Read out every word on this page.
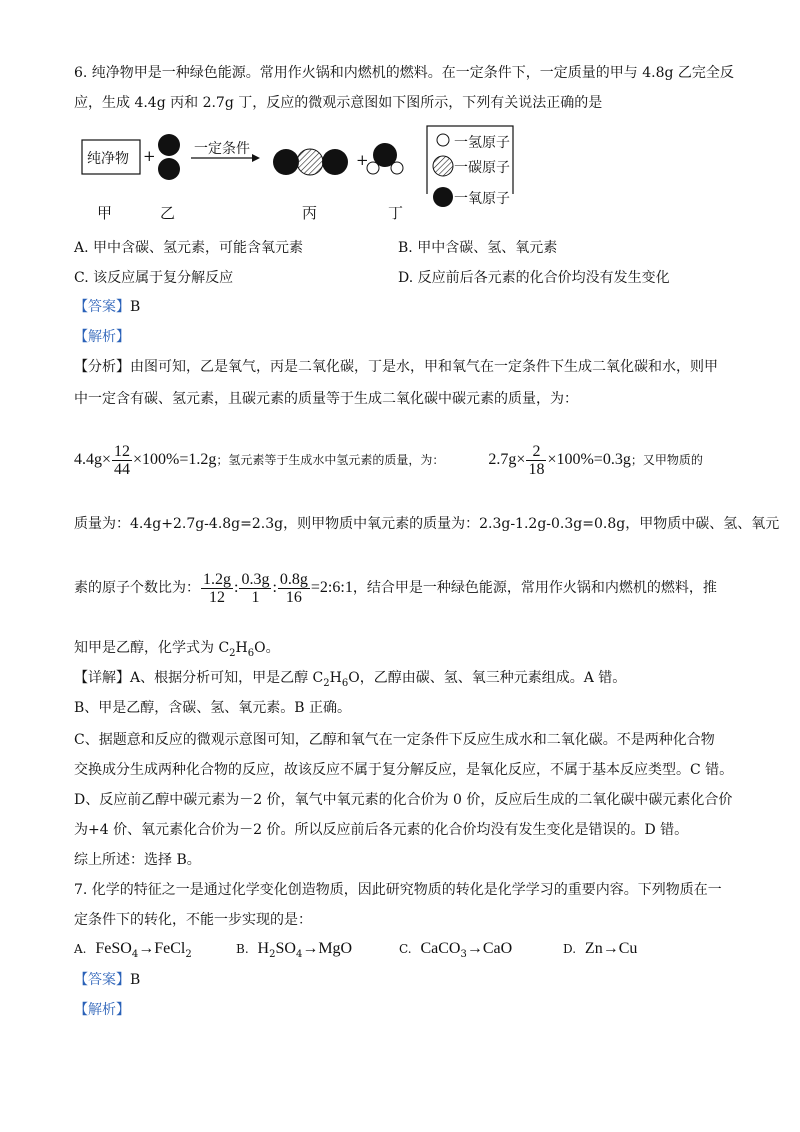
6. 纯净物甲是一种绿色能源。常用作火锅和内燃机的燃料。在一定条件下，一定质量的甲与 4.8g 乙完全反
应，生成 4.4g 丙和 2.7g 丁，反应的微观示意图如下图所示，下列有关说法正确的是
纯净物 +	一定条件
+
一氢原子
一碳原子
一氧原子
甲	乙	丙	丁
A. 甲中含碳、氢元素，可能含氧元素	B. 甲中含碳、氢、氧元素
C. 该反应属于复分解反应	D. 反应前后各元素的化合价均没有发生变化
【答案】B
【解析】
【分析】由图可知，乙是氧气，丙是二氧化碳，丁是水，甲和氧气在一定条件下生成二氧化碳和水，则甲
中一定含有碳、氢元素，且碳元素的质量等于生成二氧化碳中碳元素的质量，为：
$4.4g\times \frac{12}{44} \times 100\%=1.2g$；氢元素等于生成水中氢元素的质量，为：	$2.7g\times \frac{2}{18} \times 100\%=0.3g$；又甲物质的
质量为：4.4g+2.7g-4.8g=2.3g，则甲物质中氧元素的质量为：2.3g-1.2g-0.3g=0.8g，甲物质中碳、氢、氧元
素的原子个数比为： $\frac{1.2g}{12}$ : $\frac{0.3g}{1}$ : $\frac{0.8g}{16}$ =2:6:1，结合甲是一种绿色能源，常用作火锅和内燃机的燃料，推
知甲是乙醇，化学式为 $C_2H_6O$。
【详解】A、根据分析可知，甲是乙醇 $C_2H_6O$，乙醇由碳、氢、氧三种元素组成。A 错。
B、甲是乙醇，含碳、氢、氧元素。B 正确。
C、据题意和反应的微观示意图可知，乙醇和氧气在一定条件下反应生成水和二氧化碳。不是两种化合物
交换成分生成两种化合物的反应，故该反应不属于复分解反应，是氧化反应，不属于基本反应类型。C 错。
D、反应前乙醇中碳元素为－2 价，氧气中氧元素的化合价为 0 价，反应后生成的二氧化碳中碳元素化合价
为+4 价、氧元素化合价为－2 价。所以反应前后各元素的化合价均没有发生变化是错误的。D 错。
综上所述：选择 B。
7. 化学的特征之一是通过化学变化创造物质，因此研究物质的转化是化学学习的重要内容。下列物质在一
定条件下的转化，不能一步实现的是：
A. FeSO$_4$→FeCl$_2$	B. $H_2SO_4\to MgO$	C. CaCO$_3$→CaO	D. Zn→Cu
【答案】B
【解析】
